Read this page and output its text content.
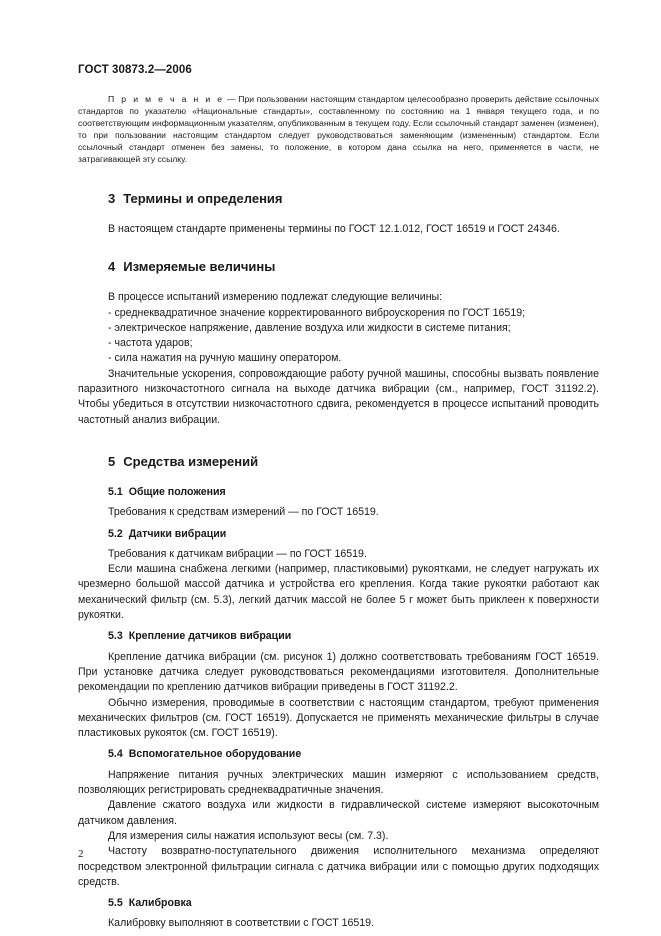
ГОСТ 30873.2—2006

П р и м е ч а н и е — При пользовании настоящим стандартом целесообразно проверить действие ссылочных стандартов по указателю «Национальные стандарты», составленному по состоянию на 1 января текущего года, и по соответствующим информационным указателям, опубликованным в текущем году. Если ссылочный стандарт заменен (изменен), то при пользовании настоящим стандартом следует руководствоваться заменяющим (измененным) стандартом. Если ссылочный стандарт отменен без замены, то положение, в котором дана ссылка на него, применяется в части, не затрагивающей эту ссылку.

3 Термины и определения

В настоящем стандарте применены термины по ГОСТ 12.1.012, ГОСТ 16519 и ГОСТ 24346.

4 Измеряемые величины

В процессе испытаний измерению подлежат следующие величины:

- среднеквадратичное значение корректированного виброускорения по ГОСТ 16519;

- электрическое напряжение, давление воздуха или жидкости в системе питания;

- частота ударов;

- сила нажатия на ручную машину оператором.

Значительные ускорения, сопровождающие работу ручной машины, способны вызвать появление паразитного низкочастотного сигнала на выходе датчика вибрации (см., например, ГОСТ 31192.2). Чтобы убедиться в отсутствии низкочастотного сдвига, рекомендуется в процессе испытаний проводить частотный анализ вибрации.

5 Средства измерений
5.1 Общие положения

Требования к средствам измерений — по ГОСТ 16519.

5.2 Датчики вибрации

Требования к датчикам вибрации — по ГОСТ 16519.

Если машина снабжена легкими (например, пластиковыми) рукоятками, не следует нагружать их чрезмерно большой массой датчика и устройства его крепления. Когда такие рукоятки работают как механический фильтр (см. 5.3), легкий датчик массой не более 5 г может быть приклеен к поверхности рукоятки.

5.3 Крепление датчиков вибрации

Крепление датчика вибрации (см. рисунок 1) должно соответствовать требованиям ГОСТ 16519. При установке датчика следует руководствоваться рекомендациями изготовителя. Дополнительные рекомендации по креплению датчиков вибрации приведены в ГОСТ 31192.2.

Обычно измерения, проводимые в соответствии с настоящим стандартом, требуют применения механических фильтров (см. ГОСТ 16519). Допускается не применять механические фильтры в случае пластиковых рукояток (см. ГОСТ 16519).

5.4 Вспомогательное оборудование

Напряжение питания ручных электрических машин измеряют с использованием средств, позволяющих регистрировать среднеквадратичные значения.

Давление сжатого воздуха или жидкости в гидравлической системе измеряют высокоточным датчиком давления.

Для измерения силы нажатия используют весы (см. 7.3).

Частоту возвратно-поступательного движения исполнительного механизма определяют посредством электронной фильтрации сигнала с датчика вибрации или с помощью других подходящих средств.

5.5 Калибровка

Калибровку выполняют в соответствии с ГОСТ 16519.

2
